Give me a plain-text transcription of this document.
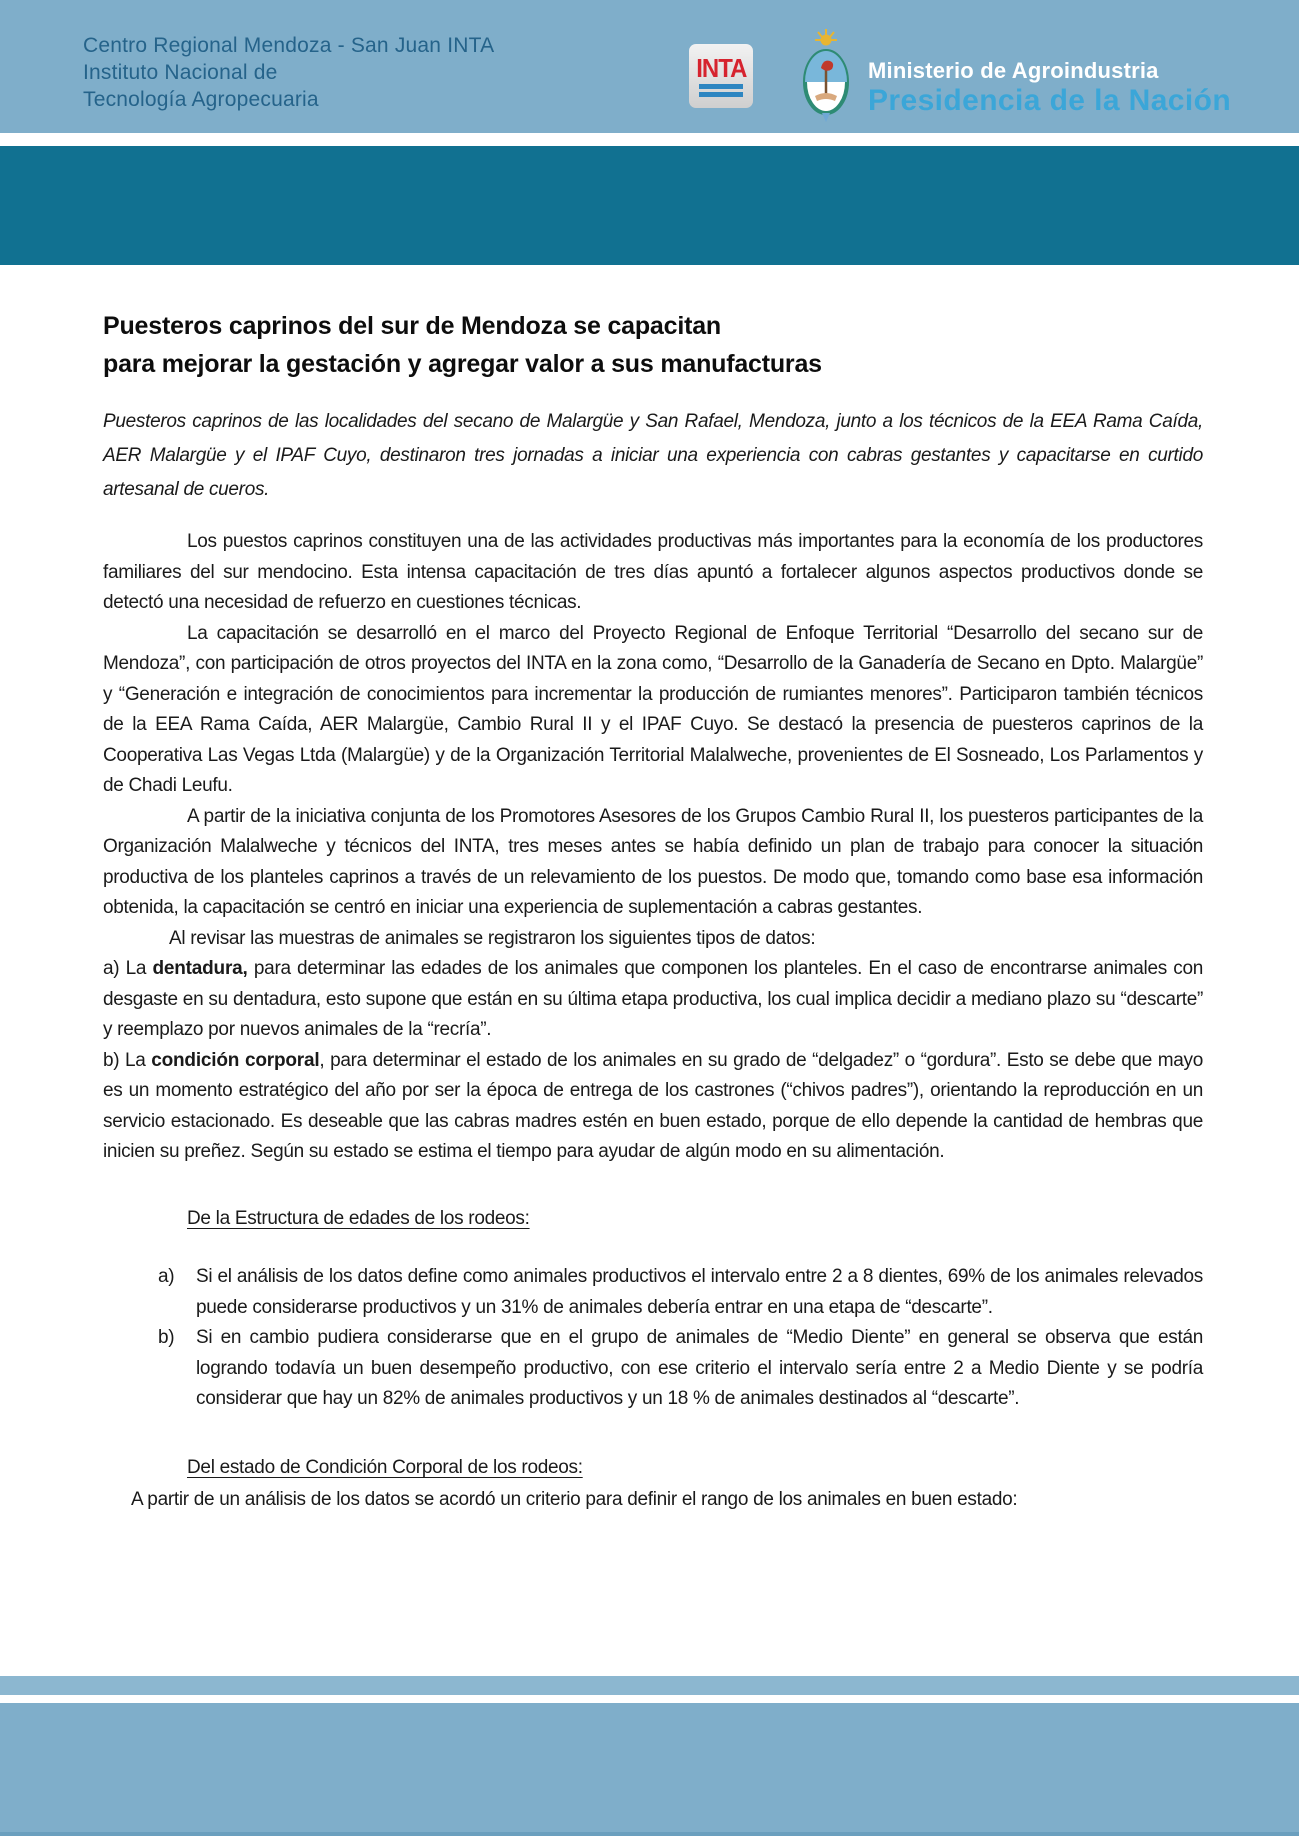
Centro Regional Mendoza - San Juan INTA
Instituto Nacional de
Tecnología Agropecuaria
INTA	Ministerio de Agroindustria
Presidencia de la Nación
Puesteros caprinos del sur de Mendoza se capacitan
para mejorar la gestación y agregar valor a sus manufacturas

Puesteros caprinos de las localidades del secano de Malargüe y San Rafael, Mendoza, junto a los técnicos de la EEA Rama Caída, AER Malargüe y el IPAF Cuyo, destinaron tres jornadas a iniciar una experiencia con cabras gestantes y capacitarse en curtido artesanal de cueros.

Los puestos caprinos constituyen una de las actividades productivas más importantes para la economía de los productores familiares del sur mendocino. Esta intensa capacitación de tres días apuntó a fortalecer algunos aspectos productivos donde se detectó una necesidad de refuerzo en cuestiones técnicas.

La capacitación se desarrolló en el marco del Proyecto Regional de Enfoque Territorial “Desarrollo del secano sur de Mendoza”, con participación de otros proyectos del INTA en la zona como, “Desarrollo de la Ganadería de Secano en Dpto. Malargüe” y “Generación e integración de conocimientos para incrementar la producción de rumiantes menores”. Participaron también técnicos de la EEA Rama Caída, AER Malargüe, Cambio Rural II y el IPAF Cuyo. Se destacó la presencia de puesteros caprinos de la Cooperativa Las Vegas Ltda (Malargüe) y de la Organización Territorial Malalweche, provenientes de El Sosneado, Los Parlamentos y de Chadi Leufu.

A partir de la iniciativa conjunta de los Promotores Asesores de los Grupos Cambio Rural II, los puesteros participantes de la Organización Malalweche y técnicos del INTA, tres meses antes se había definido un plan de trabajo para conocer la situación productiva de los planteles caprinos a través de un relevamiento de los puestos. De modo que, tomando como base esa información obtenida, la capacitación se centró en iniciar una experiencia de suplementación a cabras gestantes.

Al revisar las muestras de animales se registraron los siguientes tipos de datos:

a) La dentadura, para determinar las edades de los animales que componen los planteles. En el caso de encontrarse animales con desgaste en su dentadura, esto supone que están en su última etapa productiva, los cual implica decidir a mediano plazo su “descarte” y reemplazo por nuevos animales de la “recría”.

b) La condición corporal, para determinar el estado de los animales en su grado de “delgadez” o “gordura”. Esto se debe que mayo es un momento estratégico del año por ser la época de entrega de los castrones (“chivos padres”), orientando la reproducción en un servicio estacionado. Es deseable que las cabras madres estén en buen estado, porque de ello depende la cantidad de hembras que inicien su preñez. Según su estado se estima el tiempo para ayudar de algún modo en su alimentación.

De la Estructura de edades de los rodeos:

a) Si el análisis de los datos define como animales productivos el intervalo entre 2 a 8 dientes, 69% de los animales relevados puede considerarse productivos y un 31% de animales debería entrar en una etapa de “descarte”.

b) Si en cambio pudiera considerarse que en el grupo de animales de “Medio Diente” en general se observa que están logrando todavía un buen desempeño productivo, con ese criterio el intervalo sería entre 2 a Medio Diente y se podría considerar que hay un 82% de animales productivos y un 18 % de animales destinados al “descarte”.

Del estado de Condición Corporal de los rodeos:

A partir de un análisis de los datos se acordó un criterio para definir el rango de los animales en buen estado:
